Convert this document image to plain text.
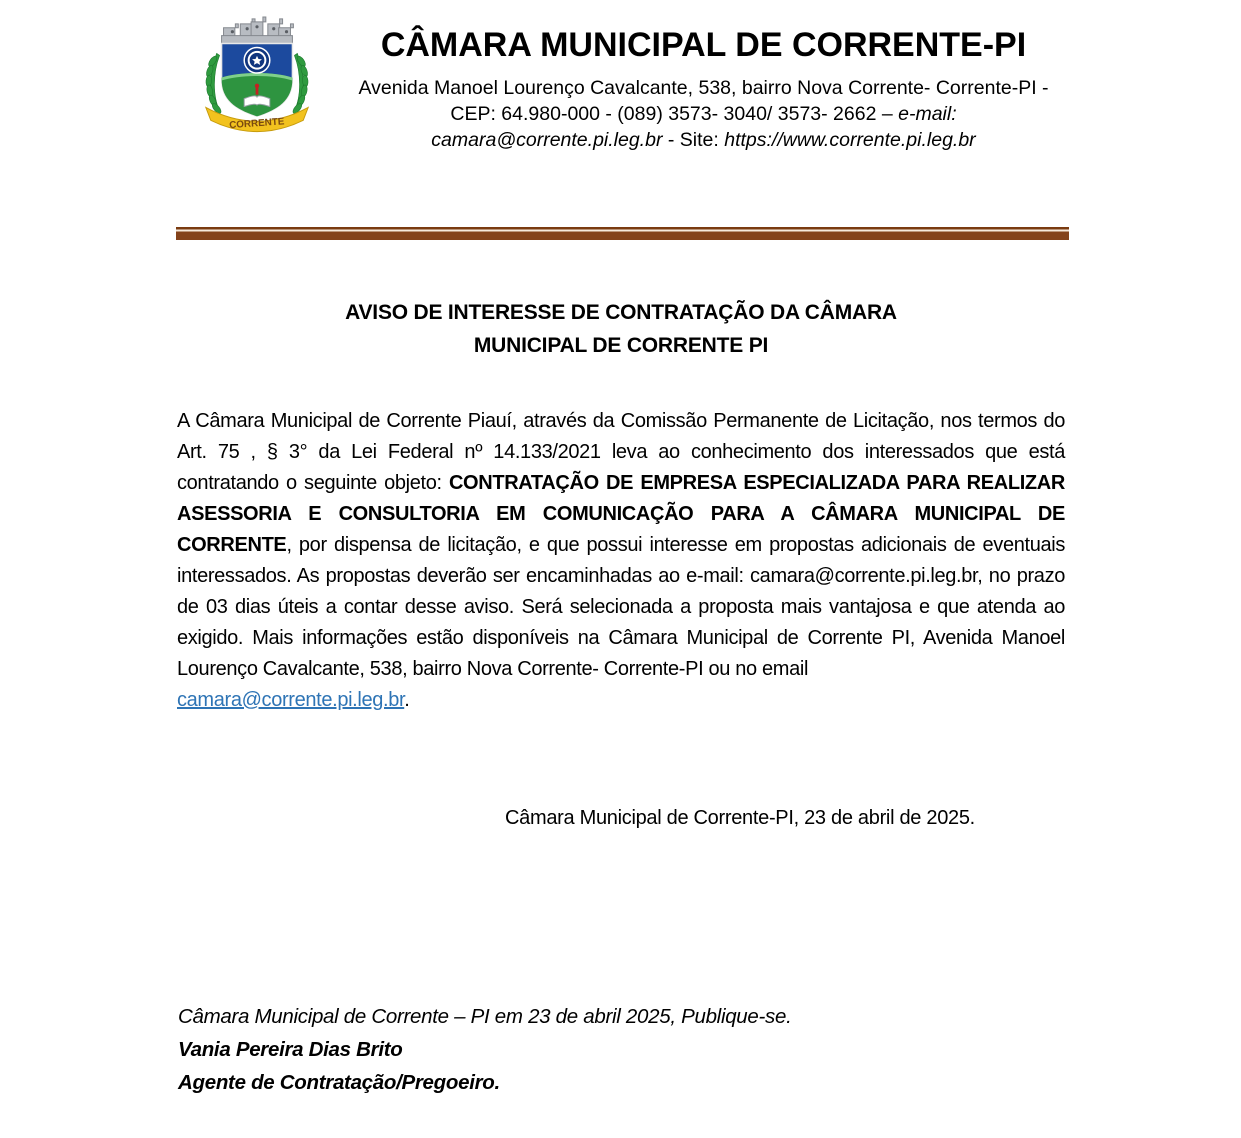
CORRENTE
CÂMARA MUNICIPAL DE CORRENTE-PI

Avenida Manoel Lourenço Cavalcante, 538, bairro Nova Corrente- Corrente-PI -
CEP: 64.980-000 - (089) 3573- 3040/ 3573- 2662 – e-mail:
camara@corrente.pi.leg.br - Site: https://www.corrente.pi.leg.br

AVISO DE INTERESSE DE CONTRATAÇÃO DA CÂMARA
MUNICIPAL DE CORRENTE PI

A Câmara Municipal de Corrente Piauí, através da Comissão Permanente de Licitação, nos termos do Art. 75 , § 3° da Lei Federal nº 14.133/2021 leva ao conhecimento dos interessados que está contratando o seguinte objeto: CONTRATAÇÃO DE EMPRESA ESPECIALIZADA PARA REALIZAR ASESSORIA E CONSULTORIA EM COMUNICAÇÃO PARA A CÂMARA MUNICIPAL DE CORRENTE, por dispensa de licitação, e que possui interesse em propostas adicionais de eventuais interessados. As propostas deverão ser encaminhadas ao e-mail: camara@corrente.pi.leg.br, no prazo de 03 dias úteis a contar desse aviso. Será selecionada a proposta mais vantajosa e que atenda ao exigido. Mais informações estão disponíveis na Câmara Municipal de Corrente PI, Avenida Manoel Lourenço Cavalcante, 538, bairro Nova Corrente- Corrente-PI ou no email

camara@corrente.pi.leg.br.

Câmara Municipal de Corrente-PI, 23 de abril de 2025.

Câmara Municipal de Corrente – PI em 23 de abril 2025, Publique-se.

Vania Pereira Dias Brito

Agente de Contratação/Pregoeiro.
